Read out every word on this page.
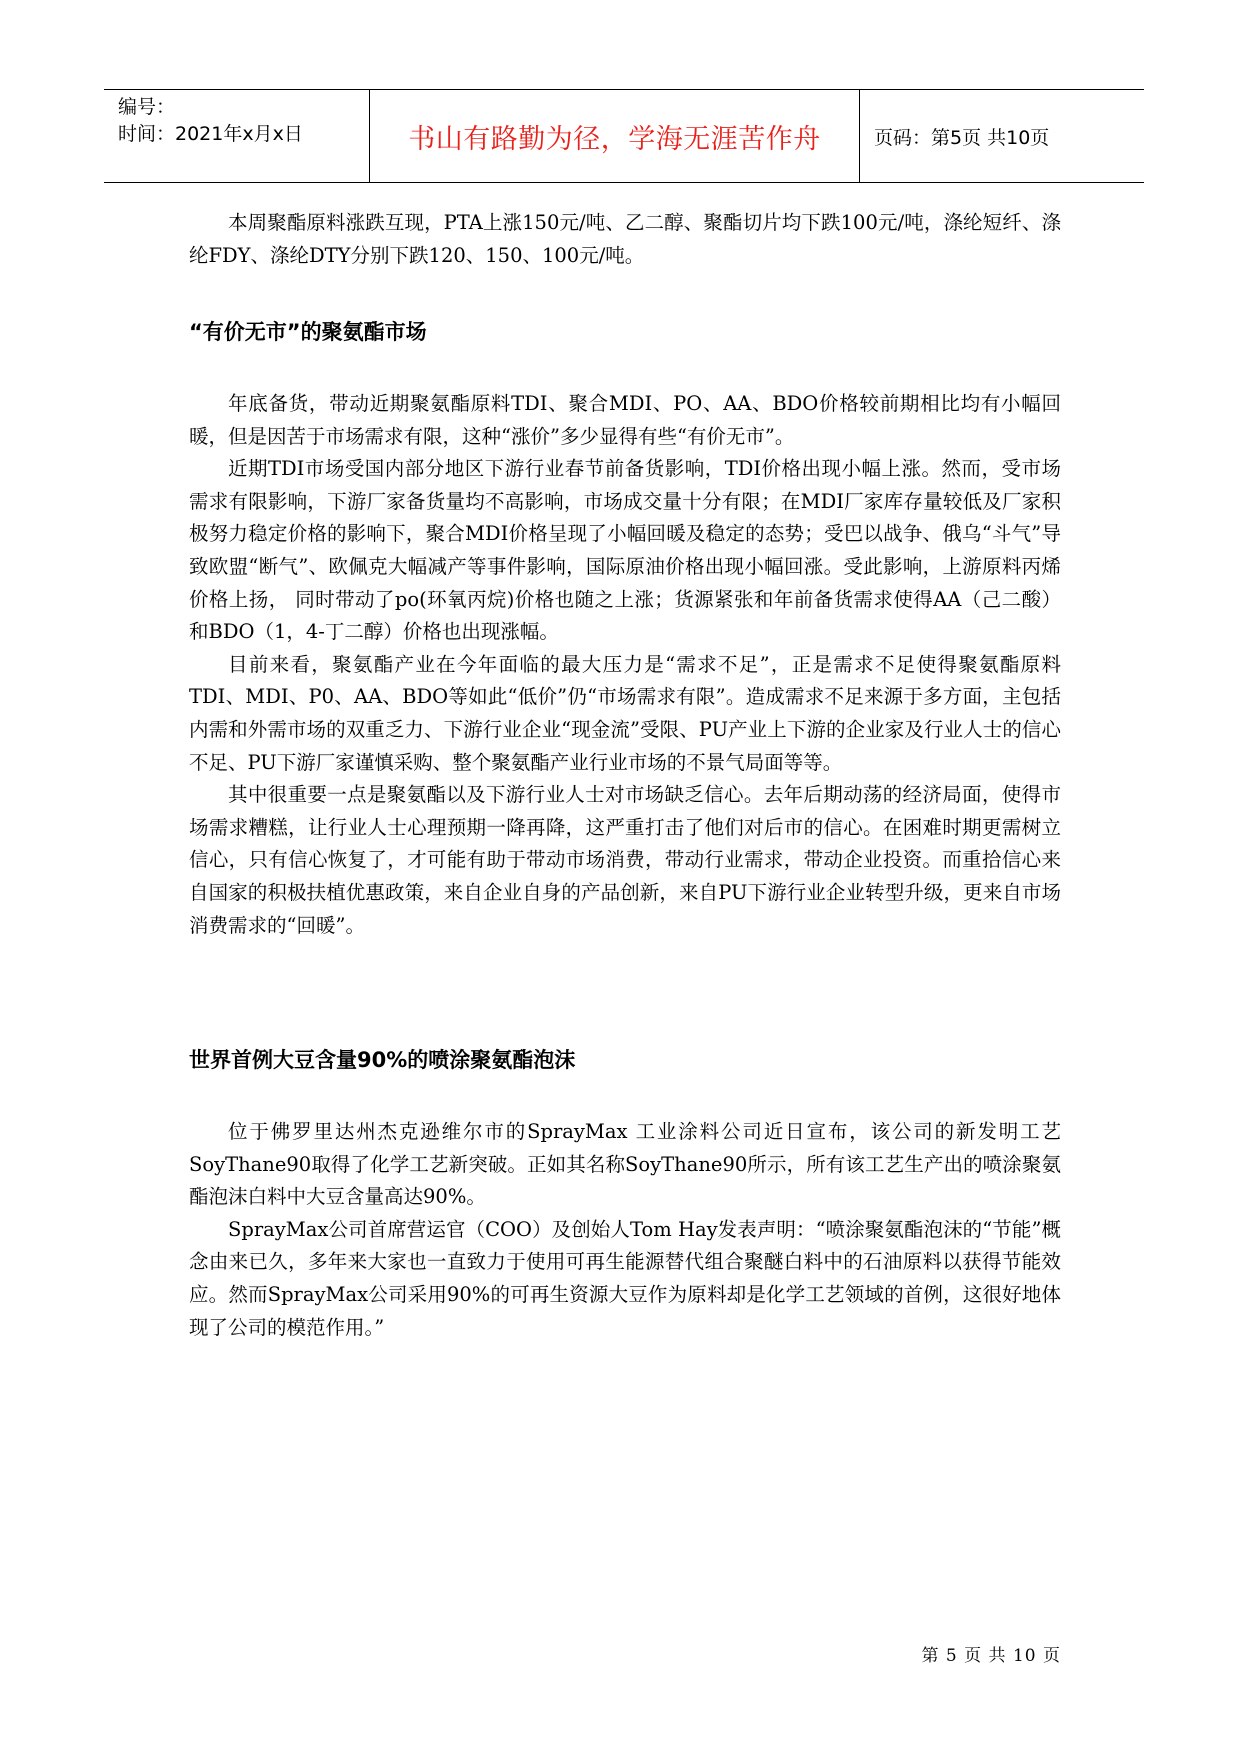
编号：
时间：2021年x月x日	书山有路勤为径，学海无涯苦作舟	页码：第5页 共10页

本周聚酯原料涨跌互现，PTA上涨150元/吨、乙二醇、聚酯切片均下跌100元/吨，涤纶短纤、涤纶FDY、涤纶DTY分别下跌120、150、100元/吨。

“有价无市”的聚氨酯市场

年底备货，带动近期聚氨酯原料TDI、聚合MDI、PO、AA、BDO价格较前期相比均有小幅回暖，但是因苦于市场需求有限，这种“涨价”多少显得有些“有价无市”。

近期TDI市场受国内部分地区下游行业春节前备货影响，TDI价格出现小幅上涨。然而，受市场需求有限影响，下游厂家备货量均不高影响，市场成交量十分有限；在MDI厂家库存量较低及厂家积极努力稳定价格的影响下，聚合MDI价格呈现了小幅回暖及稳定的态势；受巴以战争、俄乌“斗气”导致欧盟“断气”、欧佩克大幅减产等事件影响，国际原油价格出现小幅回涨。受此影响，上游原料丙烯价格上扬， 同时带动了po(环氧丙烷)价格也随之上涨；货源紧张和年前备货需求使得AA（己二酸）和BDO（1，4-丁二醇）价格也出现涨幅。

目前来看，聚氨酯产业在今年面临的最大压力是“需求不足”，正是需求不足使得聚氨酯原料TDI、MDI、P0、AA、BDO等如此“低价”仍“市场需求有限”。造成需求不足来源于多方面，主包括内需和外需市场的双重乏力、下游行业企业“现金流”受限、PU产业上下游的企业家及行业人士的信心不足、PU下游厂家谨慎采购、整个聚氨酯产业行业市场的不景气局面等等。

其中很重要一点是聚氨酯以及下游行业人士对市场缺乏信心。去年后期动荡的经济局面，使得市场需求糟糕，让行业人士心理预期一降再降，这严重打击了他们对后市的信心。在困难时期更需树立信心，只有信心恢复了，才可能有助于带动市场消费，带动行业需求，带动企业投资。而重拾信心来自国家的积极扶植优惠政策，来自企业自身的产品创新，来自PU下游行业企业转型升级，更来自市场消费需求的“回暖”。

世界首例大豆含量90%的喷涂聚氨酯泡沫

位于佛罗里达州杰克逊维尔市的SprayMax 工业涂料公司近日宣布，该公司的新发明工艺SoyThane90取得了化学工艺新突破。正如其名称SoyThane90所示，所有该工艺生产出的喷涂聚氨酯泡沫白料中大豆含量高达90%。

SprayMax公司首席营运官（COO）及创始人Tom Hay发表声明：“喷涂聚氨酯泡沫的“节能”概念由来已久，多年来大家也一直致力于使用可再生能源替代组合聚醚白料中的石油原料以获得节能效应。然而SprayMax公司采用90%的可再生资源大豆作为原料却是化学工艺领域的首例，这很好地体现了公司的模范作用。”

第 5 页 共 10 页
